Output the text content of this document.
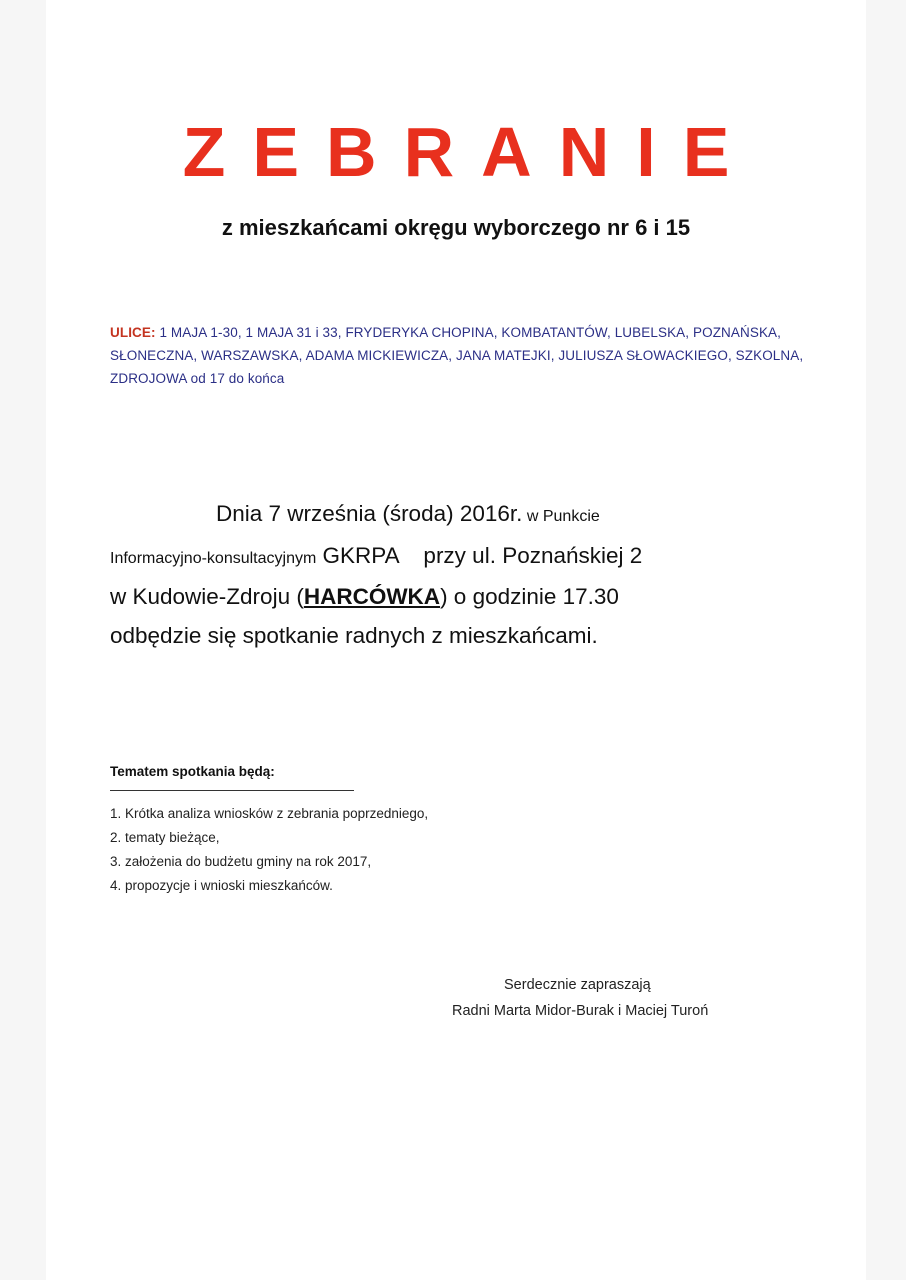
ZEBRANIE
z mieszkańcami okręgu wyborczego nr 6 i 15
ULICE: 1 MAJA 1-30, 1 MAJA 31 i 33, FRYDERYKA CHOPINA, KOMBATANTÓW, LUBELSKA, POZNAŃSKA, SŁONECZNA, WARSZAWSKA, ADAMA MICKIEWICZA, JANA MATEJKI, JULIUSZA SŁOWACKIEGO, SZKOLNA, ZDROJOWA od 17 do końca
Dnia 7 września (środa) 2016r. w Punkcie
Informacyjno-konsultacyjnym GKRPA    przy ul. Poznańskiej 2
w Kudowie-Zdroju (HARCÓWKA) o godzinie 17.30
odbędzie się spotkanie radnych z mieszkańcami.
Tematem spotkania będą:
1. Krótka analiza wniosków z zebrania poprzedniego,
2. tematy bieżące,
3. założenia do budżetu gminy na rok 2017,
4. propozycje i wnioski mieszkańców.
Serdecznie zapraszają
Radni Marta Midor-Burak i Maciej Turoń
